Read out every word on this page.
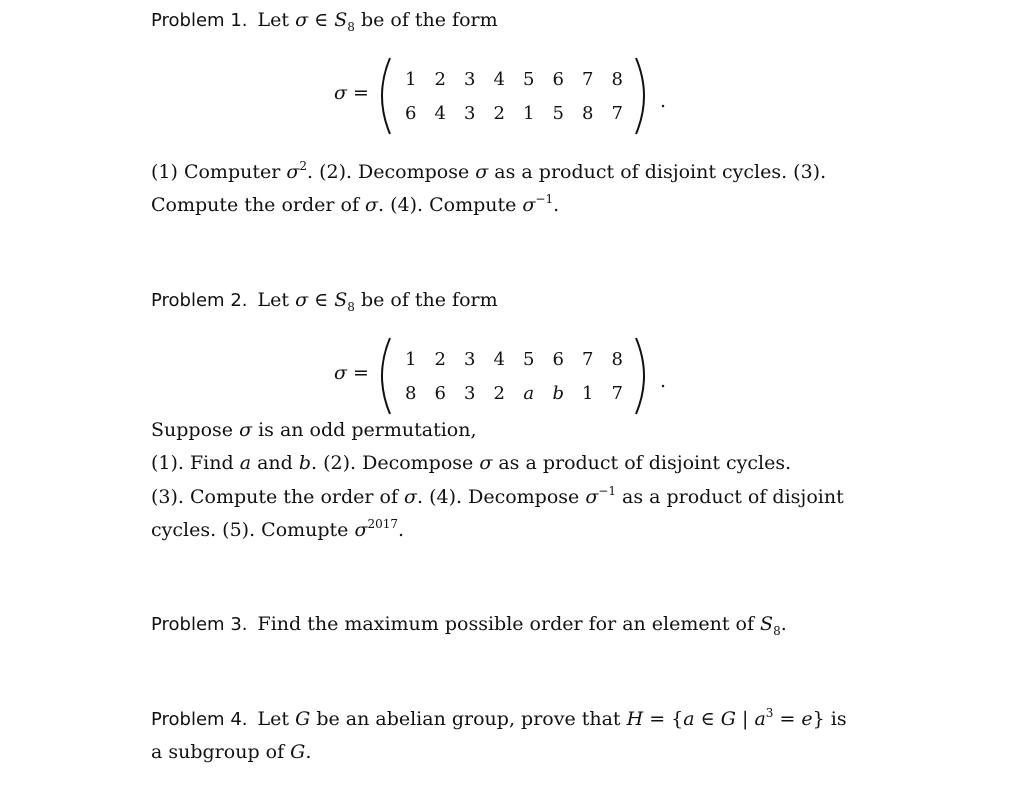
Problem 1. Let σ ∈ $S_8$ be of the form
σ =
1	2	3	4	5	6	7	8
6	4	3	2	1	5	8	7
.
(1) Computer $\sigma^2$. (2). Decompose σ as a product of disjoint cycles. (3).
Compute the order of σ. (4). Compute $\sigma^{-1}$.
Problem 2. Let σ ∈ $S_8$ be of the form
σ =
1	2	3	4	5	6	7	8
8	6	3	2	a	b	1	7
.
Suppose σ is an odd permutation,
(1). Find a and b. (2). Decompose σ as a product of disjoint cycles.
(3). Compute the order of σ. (4). Decompose $\sigma^{-1}$ as a product of disjoint
cycles. (5). Comupte $\sigma^{2017}$.
Problem 3. Find the maximum possible order for an element of $S_8$.
Problem 4. Let G be an abelian group, prove that H = {a ∈ G | $a^3 = e$} is
a subgroup of G.
